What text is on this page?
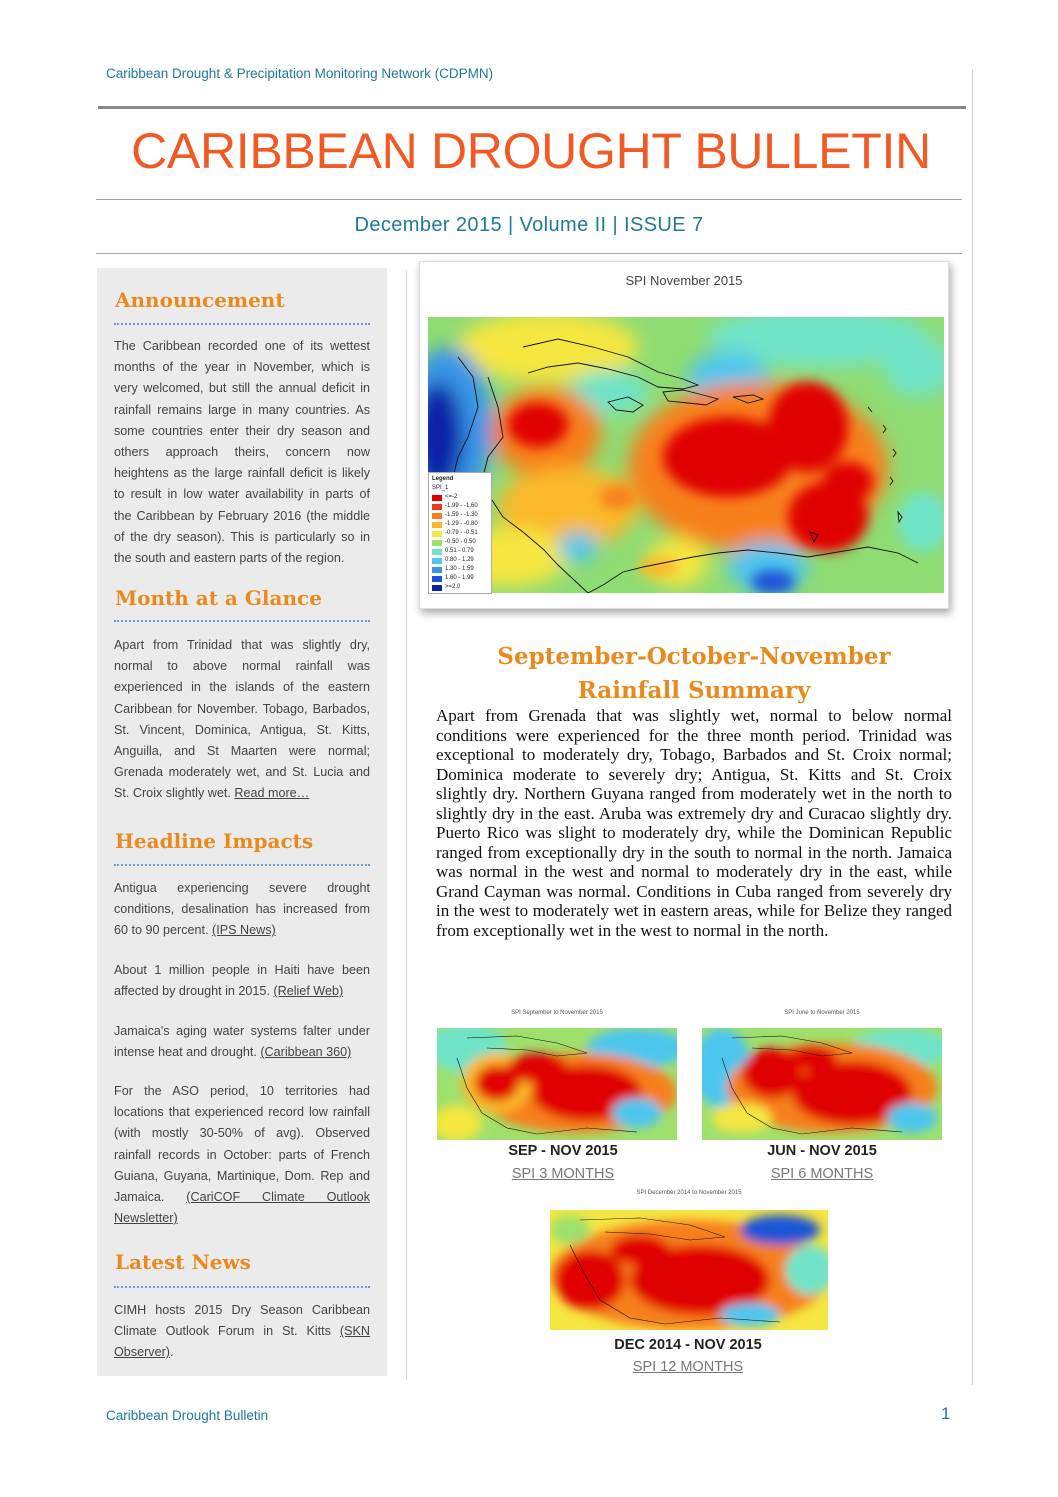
Caribbean Drought & Precipitation Monitoring Network (CDPMN)
CARIBBEAN DROUGHT BULLETIN
December 2015 | Volume II | ISSUE 7
Announcement
The Caribbean recorded one of its wettest months of the year in November, which is very welcomed, but still the annual deficit in rainfall remains large in many countries. As some countries enter their dry season and others approach theirs, concern now heightens as the large rainfall deficit is likely to result in low water availability in parts of the Caribbean by February 2016 (the middle of the dry season). This is particularly so in the south and eastern parts of the region.
Month at a Glance
Apart from Trinidad that was slightly dry, normal to above normal rainfall was experienced in the islands of the eastern Caribbean for November. Tobago, Barbados, St. Vincent, Dominica, Antigua, St. Kitts, Anguilla, and St Maarten were normal; Grenada moderately wet, and St. Lucia and St. Croix slightly wet. Read more…
Headline Impacts
Antigua experiencing severe drought conditions, desalination has increased from 60 to 90 percent. (IPS News)
About 1 million people in Haiti have been affected by drought in 2015. (Relief Web)
Jamaica's aging water systems falter under intense heat and drought. (Caribbean 360)
For the ASO period, 10 territories had locations that experienced record low rainfall (with mostly 30-50% of avg). Observed rainfall records in October: parts of French Guiana, Guyana, Martinique, Dom. Rep and Jamaica. (CariCOF Climate Outlook Newsletter)
Latest News
CIMH hosts 2015 Dry Season Caribbean Climate Outlook Forum in St. Kitts (SKN Observer).
SPI November 2015
Legend
SPI_1
<=-2
-1.99 - -1.60
-1.59 - -1.30
-1.29 - -0.80
-0.79 - -0.51
-0.50 - 0.50
0.51 - 0.79
0.80 - 1.29
1.30 - 1.59
1.60 - 1.99
>=2.0
September-October-November
Rainfall Summary
Apart from Grenada that was slightly wet, normal to below normal conditions were experienced for the three month period. Trinidad was exceptional to moderately dry, Tobago, Barbados and St. Croix normal; Dominica moderate to severely dry; Antigua, St. Kitts and St. Croix slightly dry. Northern Guyana ranged from moderately wet in the north to slightly dry in the east. Aruba was extremely dry and Curacao slightly dry. Puerto Rico was slight to moderately dry, while the Dominican Republic ranged from exceptionally dry in the south to normal in the north. Jamaica was normal in the west and normal to moderately dry in the east, while Grand Cayman was normal. Conditions in Cuba ranged from severely dry in the west to moderately wet in eastern areas, while for Belize they ranged from exceptionally wet in the west to normal in the north.
SPI September to November 2015
SEP - NOV 2015
SPI 3 MONTHS
SPI June to November 2015
JUN - NOV 2015
SPI 6 MONTHS
SPI December 2014 to November 2015
DEC 2014 - NOV 2015
SPI 12 MONTHS
Caribbean Drought Bulletin	1
